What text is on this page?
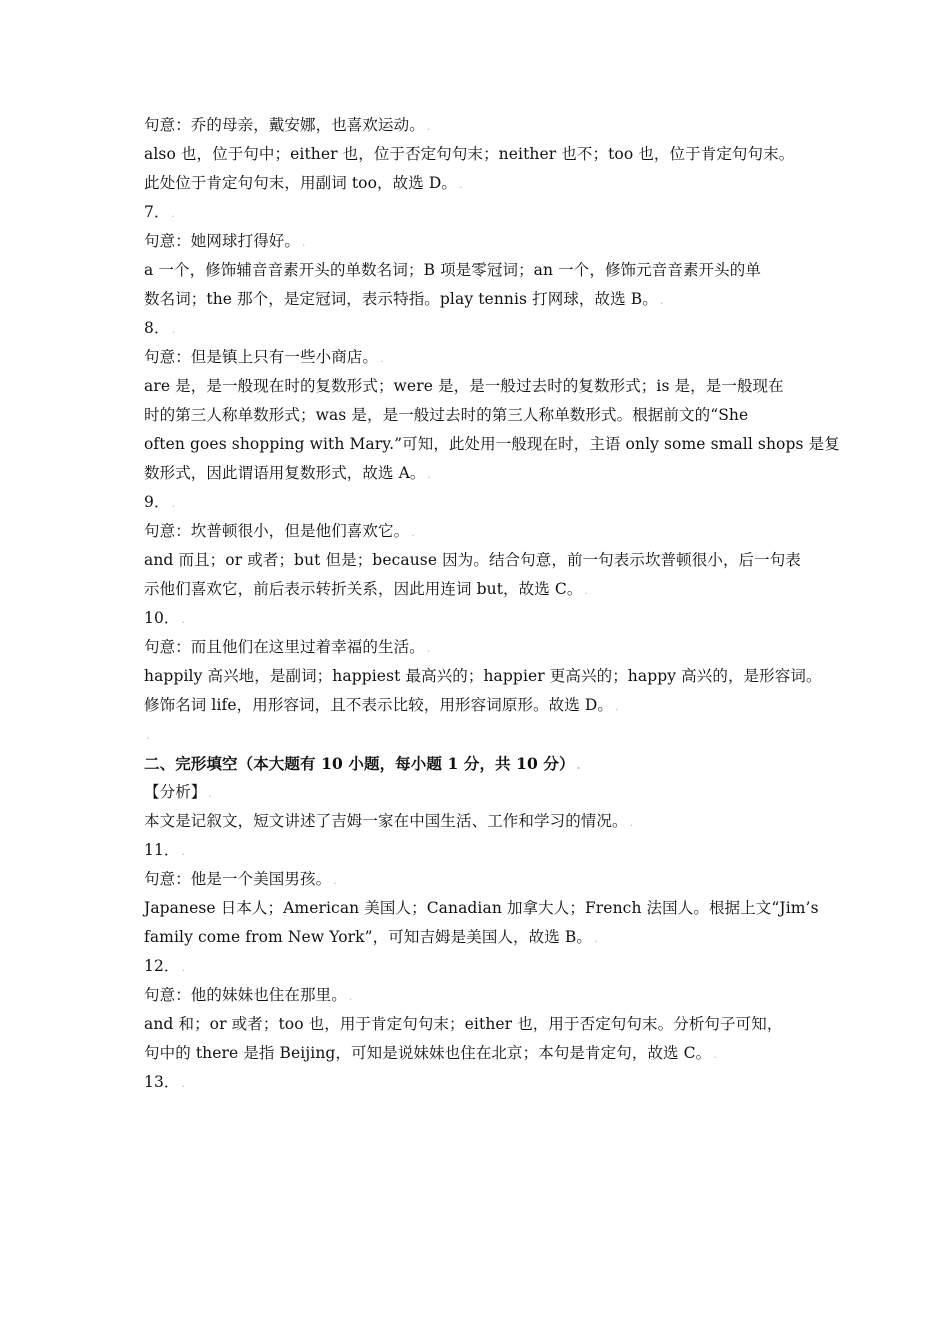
句意：乔的母亲，戴安娜，也喜欢运动。 .
also 也，位于句中；either 也，位于否定句句末；neither 也不；too 也，位于肯定句句末。
此处位于肯定句句末，用副词 too，故选 D。 .
7． .
句意：她网球打得好。 .
a 一个，修饰辅音音素开头的单数名词；B 项是零冠词；an 一个，修饰元音音素开头的单
数名词；the 那个，是定冠词，表示特指。play tennis 打网球，故选 B。 .
8． .
句意：但是镇上只有一些小商店。 .
are 是，是一般现在时的复数形式；were 是，是一般过去时的复数形式；is 是，是一般现在
时的第三人称单数形式；was 是，是一般过去时的第三人称单数形式。根据前文的“She
often goes shopping with Mary.”可知，此处用一般现在时，主语 only some small shops 是复
数形式，因此谓语用复数形式，故选 A。 .
9． .
句意：坎普顿很小，但是他们喜欢它。 .
and 而且；or 或者；but 但是；because 因为。结合句意，前一句表示坎普顿很小，后一句表
示他们喜欢它，前后表示转折关系，因此用连词 but，故选 C。 .
10． .
句意：而且他们在这里过着幸福的生活。 .
happily 高兴地，是副词；happiest 最高兴的；happier 更高兴的；happy 高兴的，是形容词。
修饰名词 life，用形容词，且不表示比较，用形容词原形。故选 D。 .
.
二、完形填空（本大题有 10 小题，每小题 1 分，共 10 分） .
【分析】 .
本文是记叙文，短文讲述了吉姆一家在中国生活、工作和学习的情况。 .
11． .
句意：他是一个美国男孩。 .
Japanese 日本人；American 美国人；Canadian 加拿大人；French 法国人。根据上文“Jim’s
family come from New York”，可知吉姆是美国人，故选 B。 .
12． .
句意：他的妹妹也住在那里。 .
and 和；or 或者；too 也，用于肯定句句末；either 也，用于否定句句末。分析句子可知，
句中的 there 是指 Beijing，可知是说妹妹也住在北京；本句是肯定句，故选 C。 .
13． .
